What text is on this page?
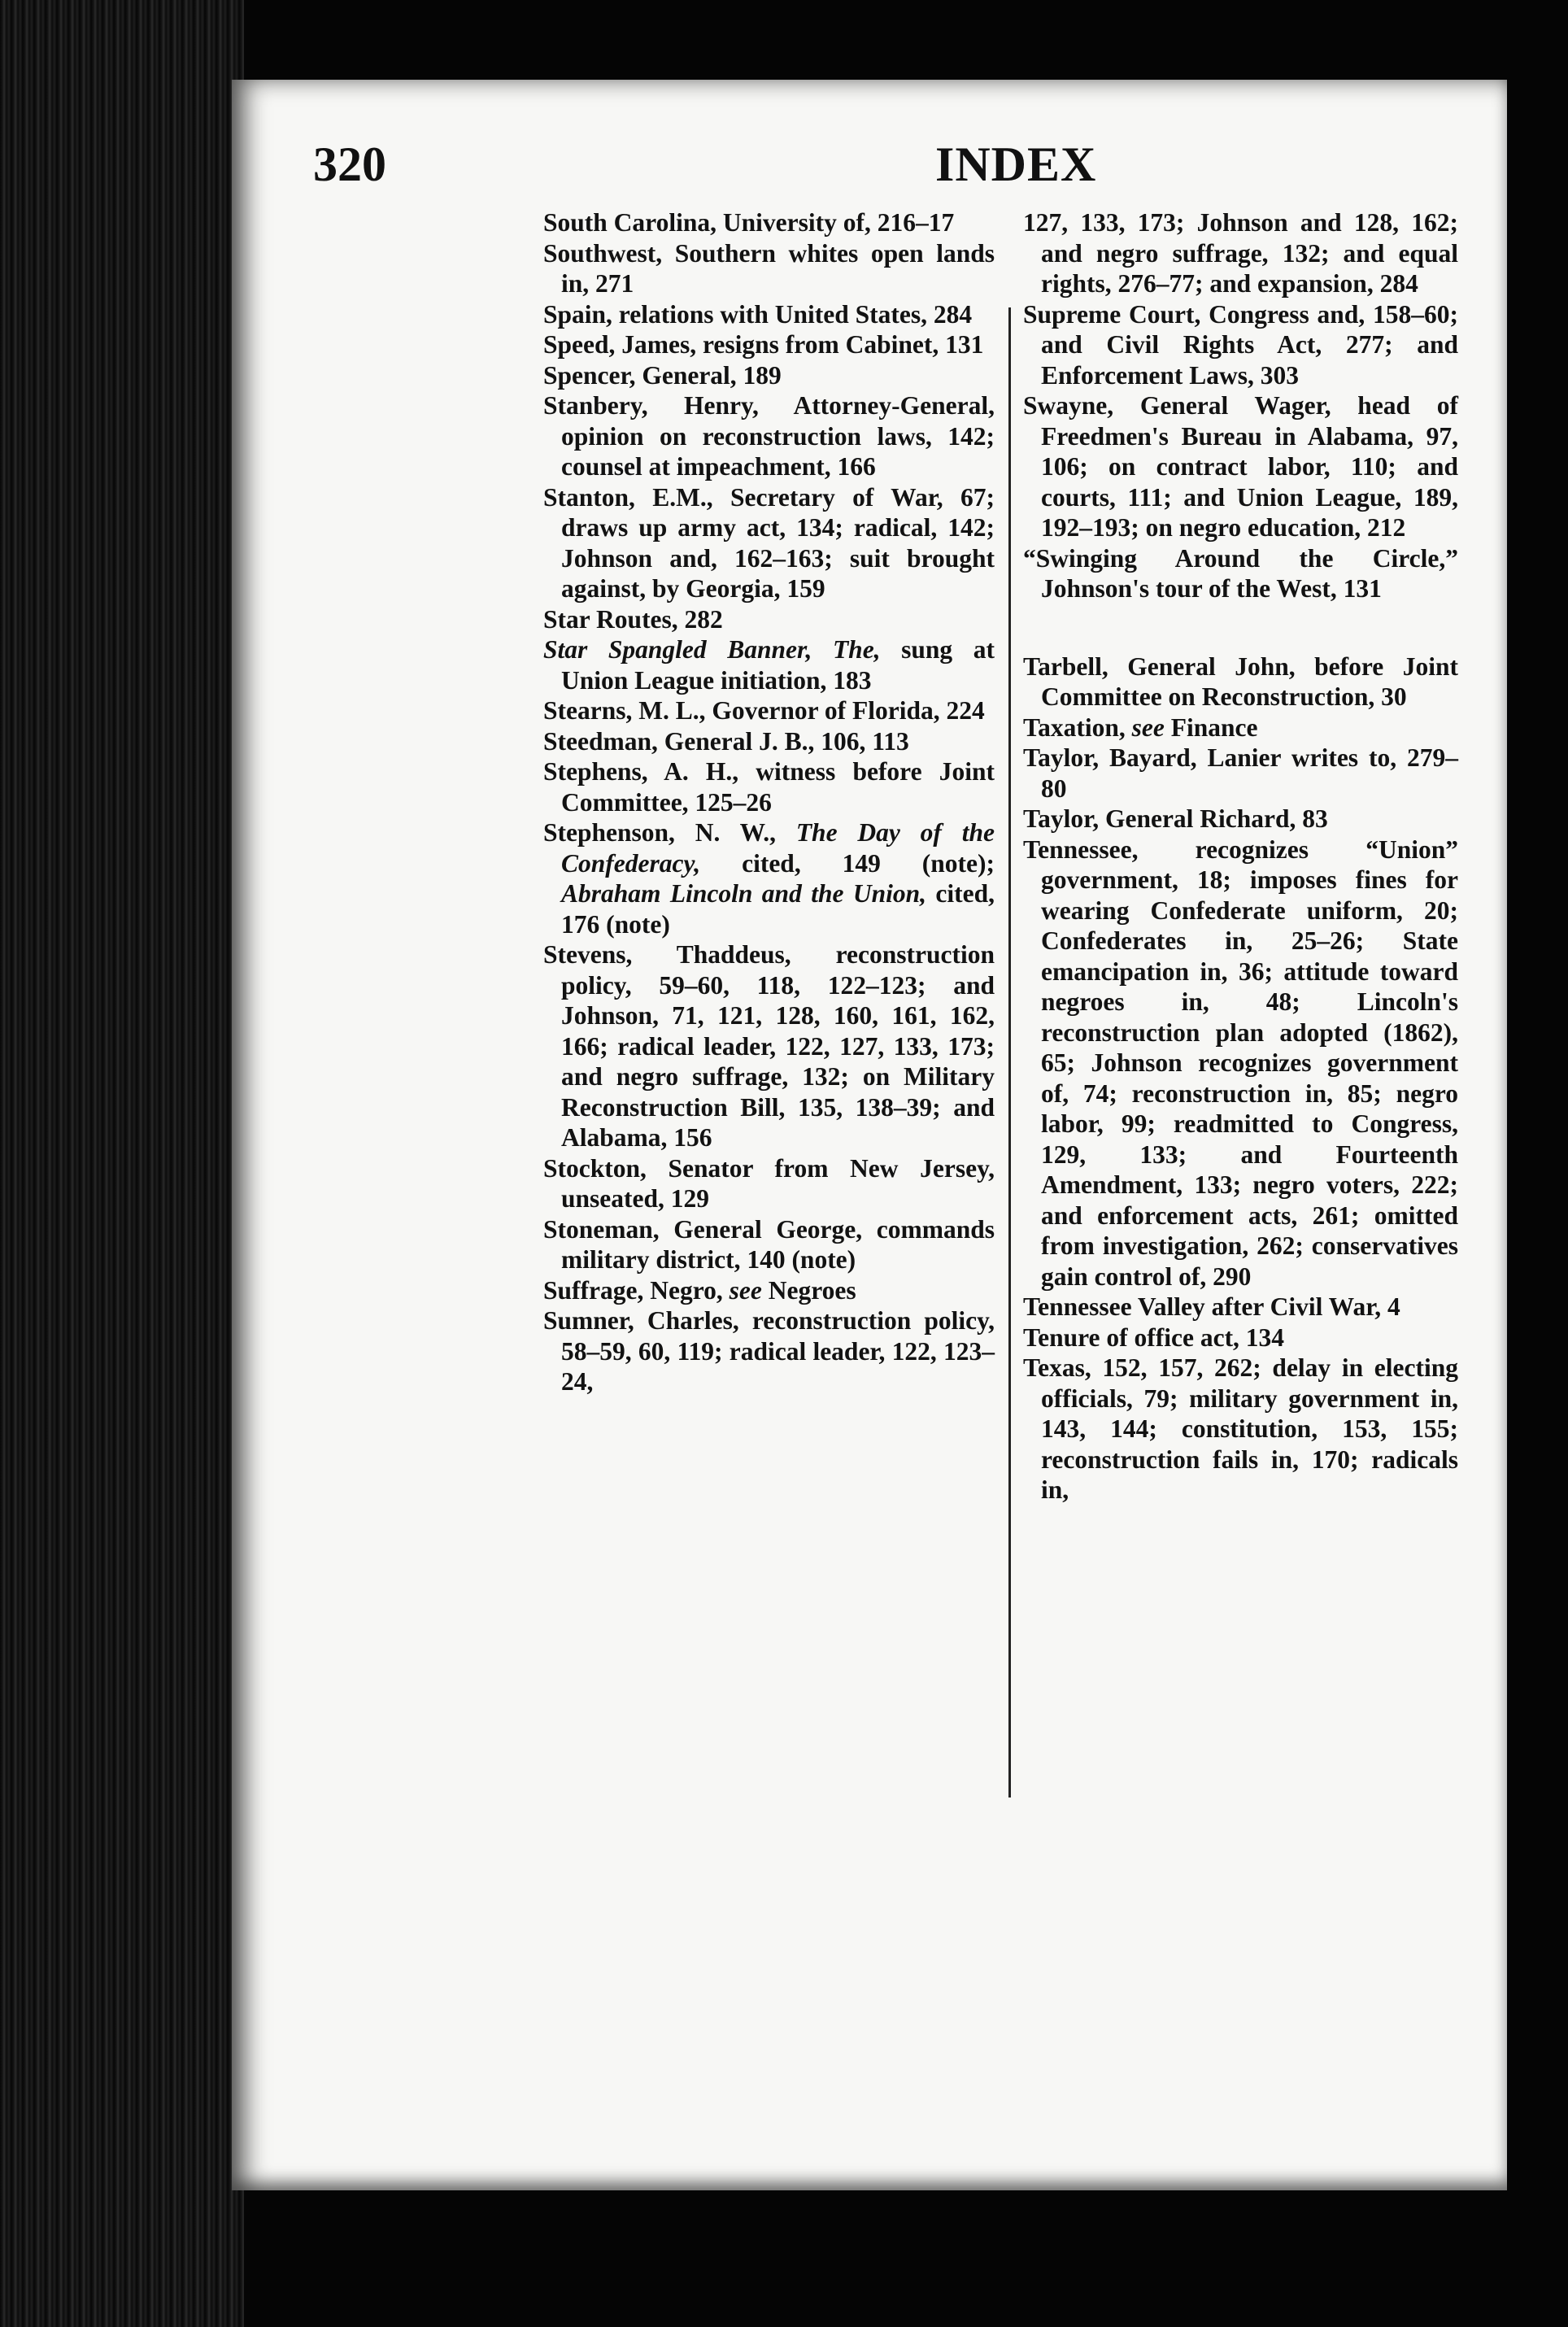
320	INDEX
South Carolina, University of, 216–17
Southwest, Southern whites open lands in, 271
Spain, relations with United States, 284
Speed, James, resigns from Cabinet, 131
Spencer, General, 189
Stanbery, Henry, Attorney-General, opinion on reconstruction laws, 142; counsel at impeachment, 166
Stanton, E.M., Secretary of War, 67; draws up army act, 134; radical, 142; Johnson and, 162–163; suit brought against, by Georgia, 159
Star Routes, 282
Star Spangled Banner, The, sung at Union League initiation, 183
Stearns, M. L., Governor of Florida, 224
Steedman, General J. B., 106, 113
Stephens, A. H., witness before Joint Committee, 125–26
Stephenson, N. W., The Day of the Confederacy, cited, 149 (note); Abraham Lincoln and the Union, cited, 176 (note)
Stevens, Thaddeus, reconstruction policy, 59–60, 118, 122–123; and Johnson, 71, 121, 128, 160, 161, 162, 166; radical leader, 122, 127, 133, 173; and negro suffrage, 132; on Military Reconstruction Bill, 135, 138–39; and Alabama, 156
Stockton, Senator from New Jersey, unseated, 129
Stoneman, General George, commands military district, 140 (note)
Suffrage, Negro, see Negroes
Sumner, Charles, reconstruction policy, 58–59, 60, 119; radical leader, 122, 123–24,
127, 133, 173; Johnson and 128, 162; and negro suffrage, 132; and equal rights, 276–77; and expansion, 284
Supreme Court, Congress and, 158–60; and Civil Rights Act, 277; and Enforcement Laws, 303
Swayne, General Wager, head of Freedmen's Bureau in Alabama, 97, 106; on contract labor, 110; and courts, 111; and Union League, 189, 192–193; on negro education, 212
“Swinging Around the Circle,” Johnson's tour of the West, 131
Tarbell, General John, before Joint Committee on Reconstruction, 30
Taxation, see Finance
Taylor, Bayard, Lanier writes to, 279–80
Taylor, General Richard, 83
Tennessee, recognizes “Union” government, 18; imposes fines for wearing Confederate uniform, 20; Confederates in, 25–26; State emancipation in, 36; attitude toward negroes in, 48; Lincoln's reconstruction plan adopted (1862), 65; Johnson recognizes government of, 74; reconstruction in, 85; negro labor, 99; readmitted to Congress, 129, 133; and Fourteenth Amendment, 133; negro voters, 222; and enforcement acts, 261; omitted from investigation, 262; conservatives gain control of, 290
Tennessee Valley after Civil War, 4
Tenure of office act, 134
Texas, 152, 157, 262; delay in electing officials, 79; military government in, 143, 144; constitution, 153, 155; reconstruction fails in, 170; radicals in,
